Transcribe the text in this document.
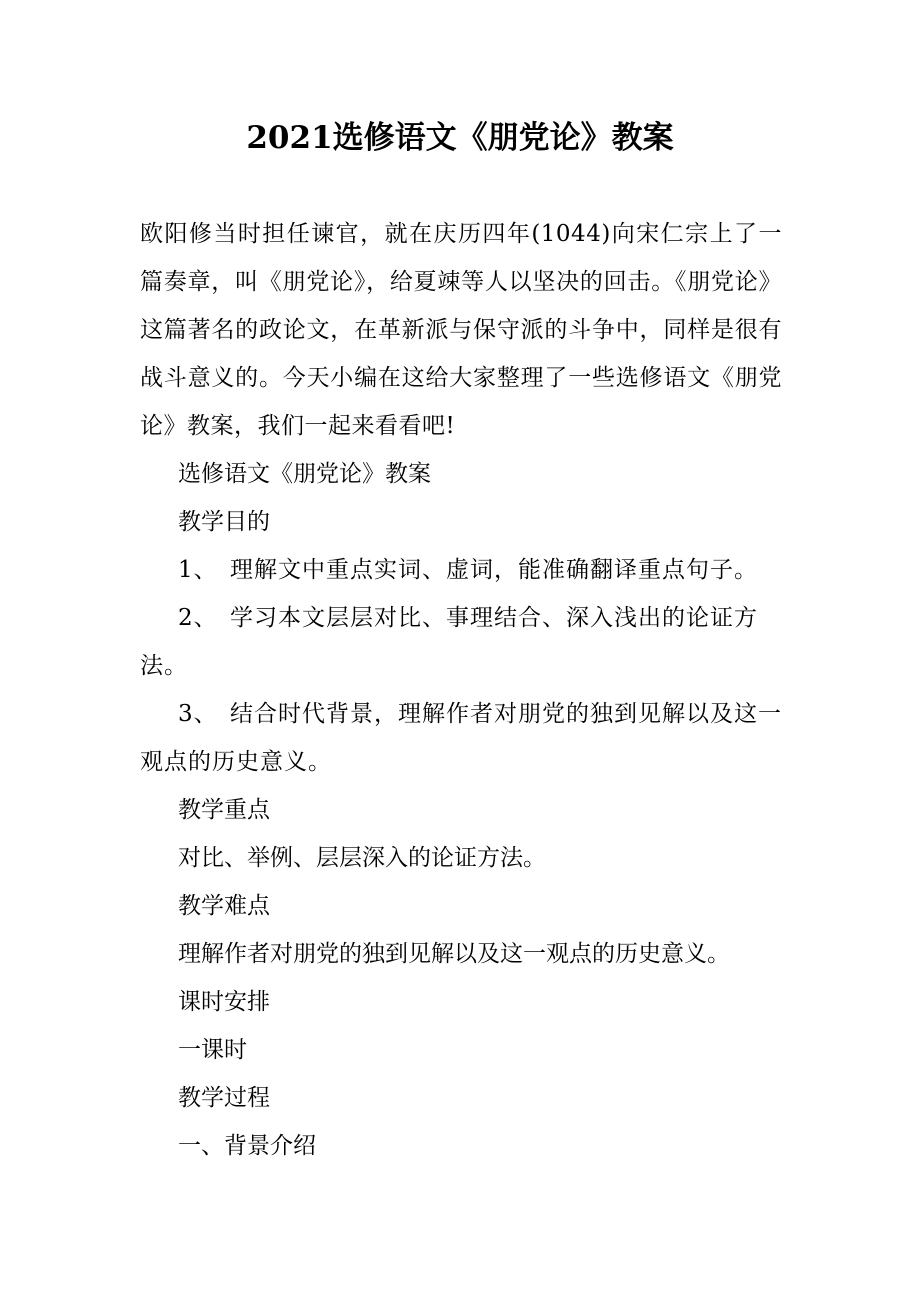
2021选修语文《朋党论》教案

欧阳修当时担任谏官，就在庆历四年(1044)向宋仁宗上了一篇奏章，叫《朋党论》，给夏竦等人以坚决的回击。《朋党论》这篇著名的政论文，在革新派与保守派的斗争中，同样是很有战斗意义的。今天小编在这给大家整理了一些选修语文《朋党论》教案，我们一起来看看吧!

选修语文《朋党论》教案

教学目的

1、 理解文中重点实词、虚词，能准确翻译重点句子。

2、 学习本文层层对比、事理结合、深入浅出的论证方法。

3、 结合时代背景，理解作者对朋党的独到见解以及这一观点的历史意义。

教学重点

对比、举例、层层深入的论证方法。

教学难点

理解作者对朋党的独到见解以及这一观点的历史意义。

课时安排

一课时

教学过程

一、背景介绍
